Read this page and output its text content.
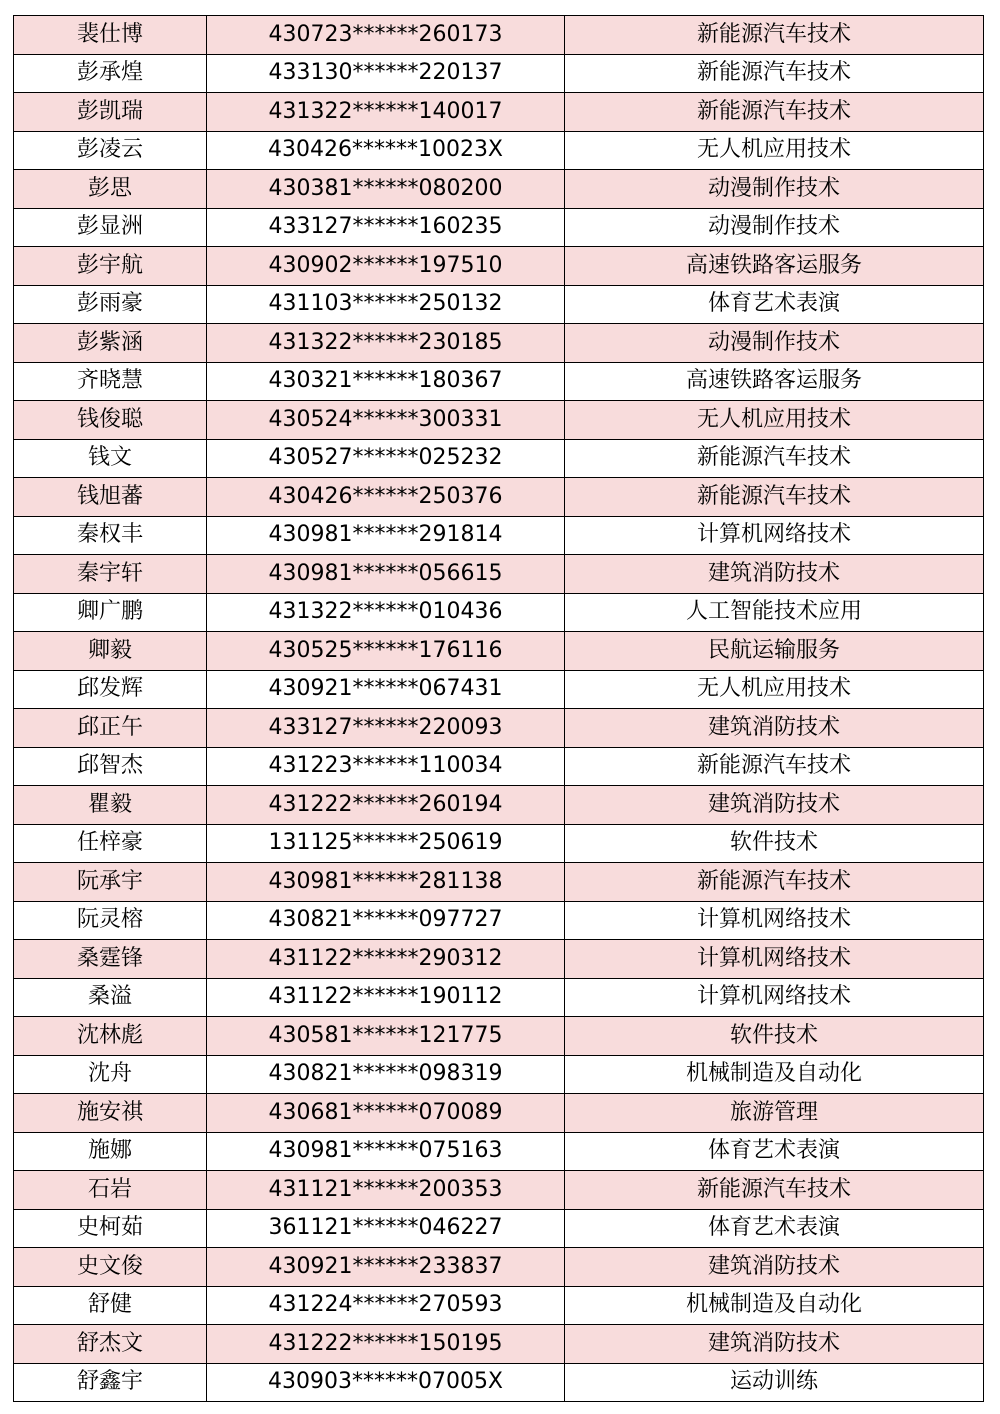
裴仕博	430723******260173	新能源汽车技术
彭承煌	433130******220137	新能源汽车技术
彭凯瑞	431322******140017	新能源汽车技术
彭凌云	430426******10023X	无人机应用技术
彭思	430381******080200	动漫制作技术
彭显洲	433127******160235	动漫制作技术
彭宇航	430902******197510	高速铁路客运服务
彭雨豪	431103******250132	体育艺术表演
彭紫涵	431322******230185	动漫制作技术
齐晓慧	430321******180367	高速铁路客运服务
钱俊聪	430524******300331	无人机应用技术
钱文	430527******025232	新能源汽车技术
钱旭蕃	430426******250376	新能源汽车技术
秦权丰	430981******291814	计算机网络技术
秦宇轩	430981******056615	建筑消防技术
卿广鹏	431322******010436	人工智能技术应用
卿毅	430525******176116	民航运输服务
邱发辉	430921******067431	无人机应用技术
邱正午	433127******220093	建筑消防技术
邱智杰	431223******110034	新能源汽车技术
瞿毅	431222******260194	建筑消防技术
任梓豪	131125******250619	软件技术
阮承宇	430981******281138	新能源汽车技术
阮灵榕	430821******097727	计算机网络技术
桑霆锋	431122******290312	计算机网络技术
桑溢	431122******190112	计算机网络技术
沈林彪	430581******121775	软件技术
沈舟	430821******098319	机械制造及自动化
施安祺	430681******070089	旅游管理
施娜	430981******075163	体育艺术表演
石岩	431121******200353	新能源汽车技术
史柯茹	361121******046227	体育艺术表演
史文俊	430921******233837	建筑消防技术
舒健	431224******270593	机械制造及自动化
舒杰文	431222******150195	建筑消防技术
舒鑫宇	430903******07005X	运动训练
